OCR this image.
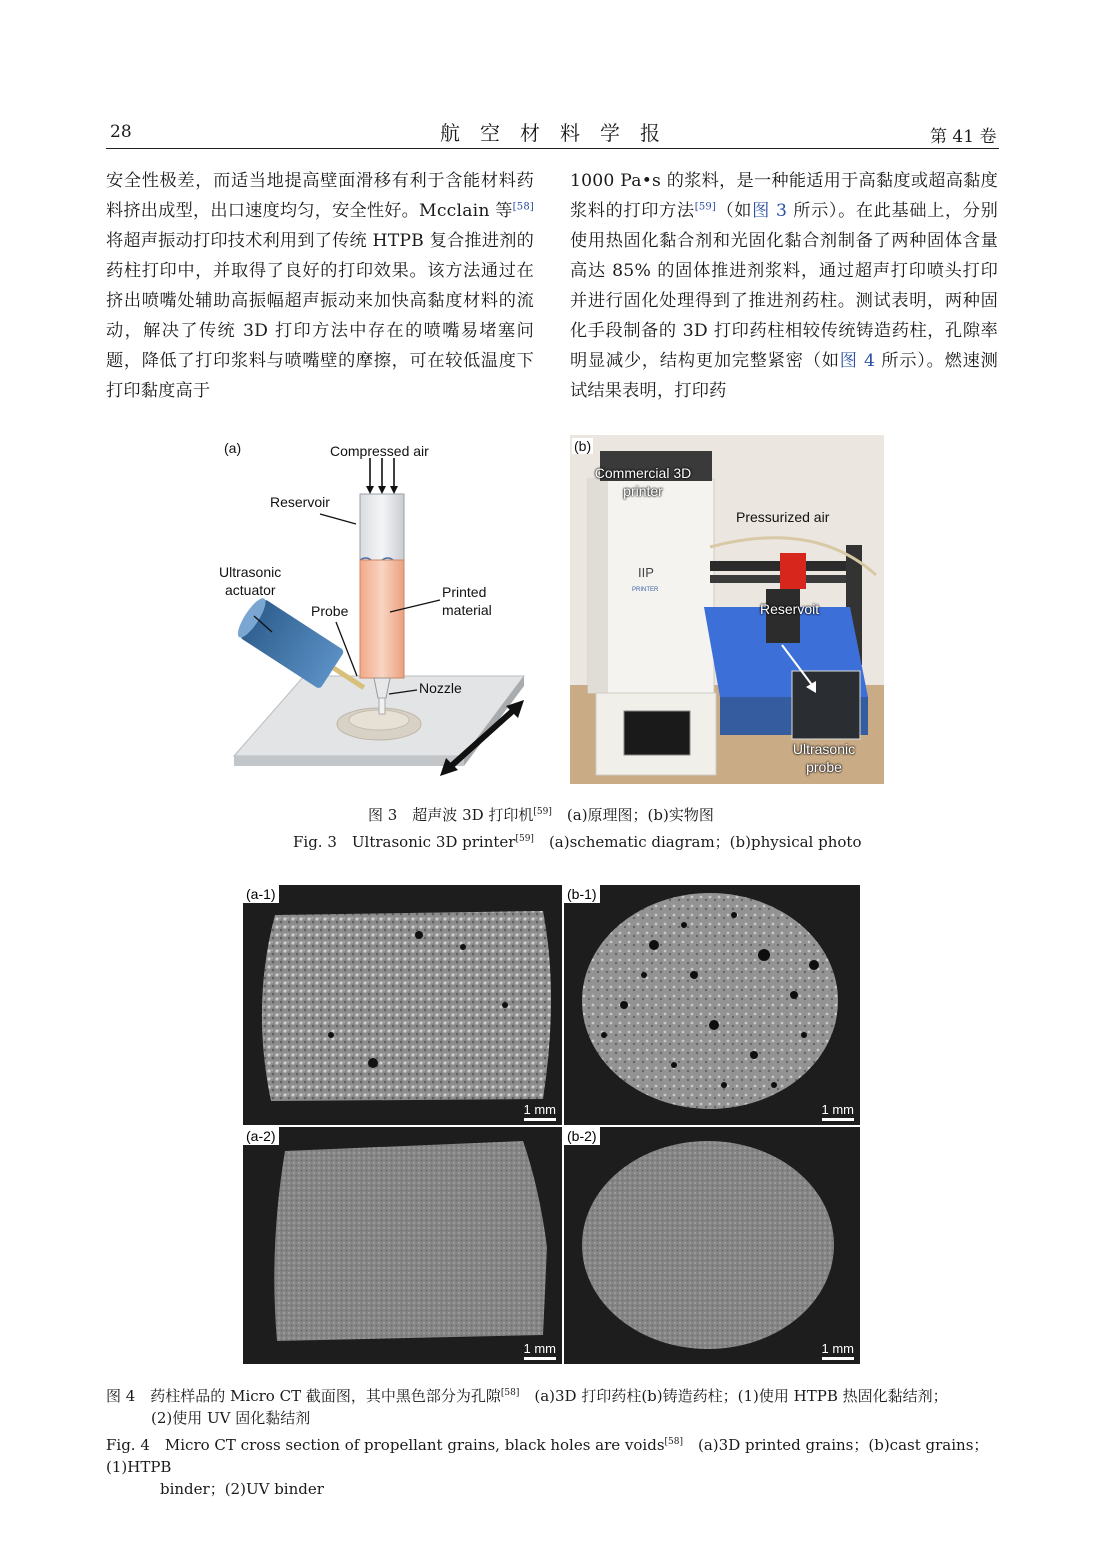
28	航　空　材　料　学　报	第 41 卷
安全性极差，而适当地提高壁面滑移有利于含能材料药料挤出成型，出口速度均匀，安全性好。Mcclain 等[58] 将超声振动打印技术利用到了传统 HTPB 复合推进剂的药柱打印中，并取得了良好的打印效果。该方法通过在挤出喷嘴处辅助高振幅超声振动来加快高黏度材料的流动，解决了传统 3D 打印方法中存在的喷嘴易堵塞问题，降低了打印浆料与喷嘴壁的摩擦，可在较低温度下打印黏度高于
1000 Pa•s 的浆料，是一种能适用于高黏度或超高黏度浆料的打印方法[59]（如图 3 所示）。在此基础上，分别使用热固化黏合剂和光固化黏合剂制备了两种固体含量高达 85% 的固体推进剂浆料，通过超声打印喷头打印并进行固化处理得到了推进剂药柱。测试表明，两种固化手段制备的 3D 打印药柱相较传统铸造药柱，孔隙率明显减少，结构更加完整紧密（如图 4 所示）。燃速测试结果表明，打印药
(a)	Compressed air
Reservoir
Ultrasonic
actuator
Probe
Printed
material
Nozzle
(b)
Commercial 3D
printer
Pressurized air
Reservoit
Ultrasonic
probe
IIP
PRINTER
图 3　超声波 3D 打印机[59]　(a)原理图；(b)实物图
Fig. 3　Ultrasonic 3D printer[59]　(a)schematic diagram；(b)physical photo
(a-1)
1 mm
(b-1)
1 mm
(a-2)
1 mm
(b-2)
1 mm
图 4　药柱样品的 Micro CT 截面图，其中黑色部分为孔隙[58]　(a)3D 打印药柱(b)铸造药柱；(1)使用 HTPB 热固化黏结剂；
(2)使用 UV 固化黏结剂
Fig. 4　Micro CT cross section of propellant grains, black holes are voids[58]　(a)3D printed grains；(b)cast grains；(1)HTPB
binder；(2)UV binder
